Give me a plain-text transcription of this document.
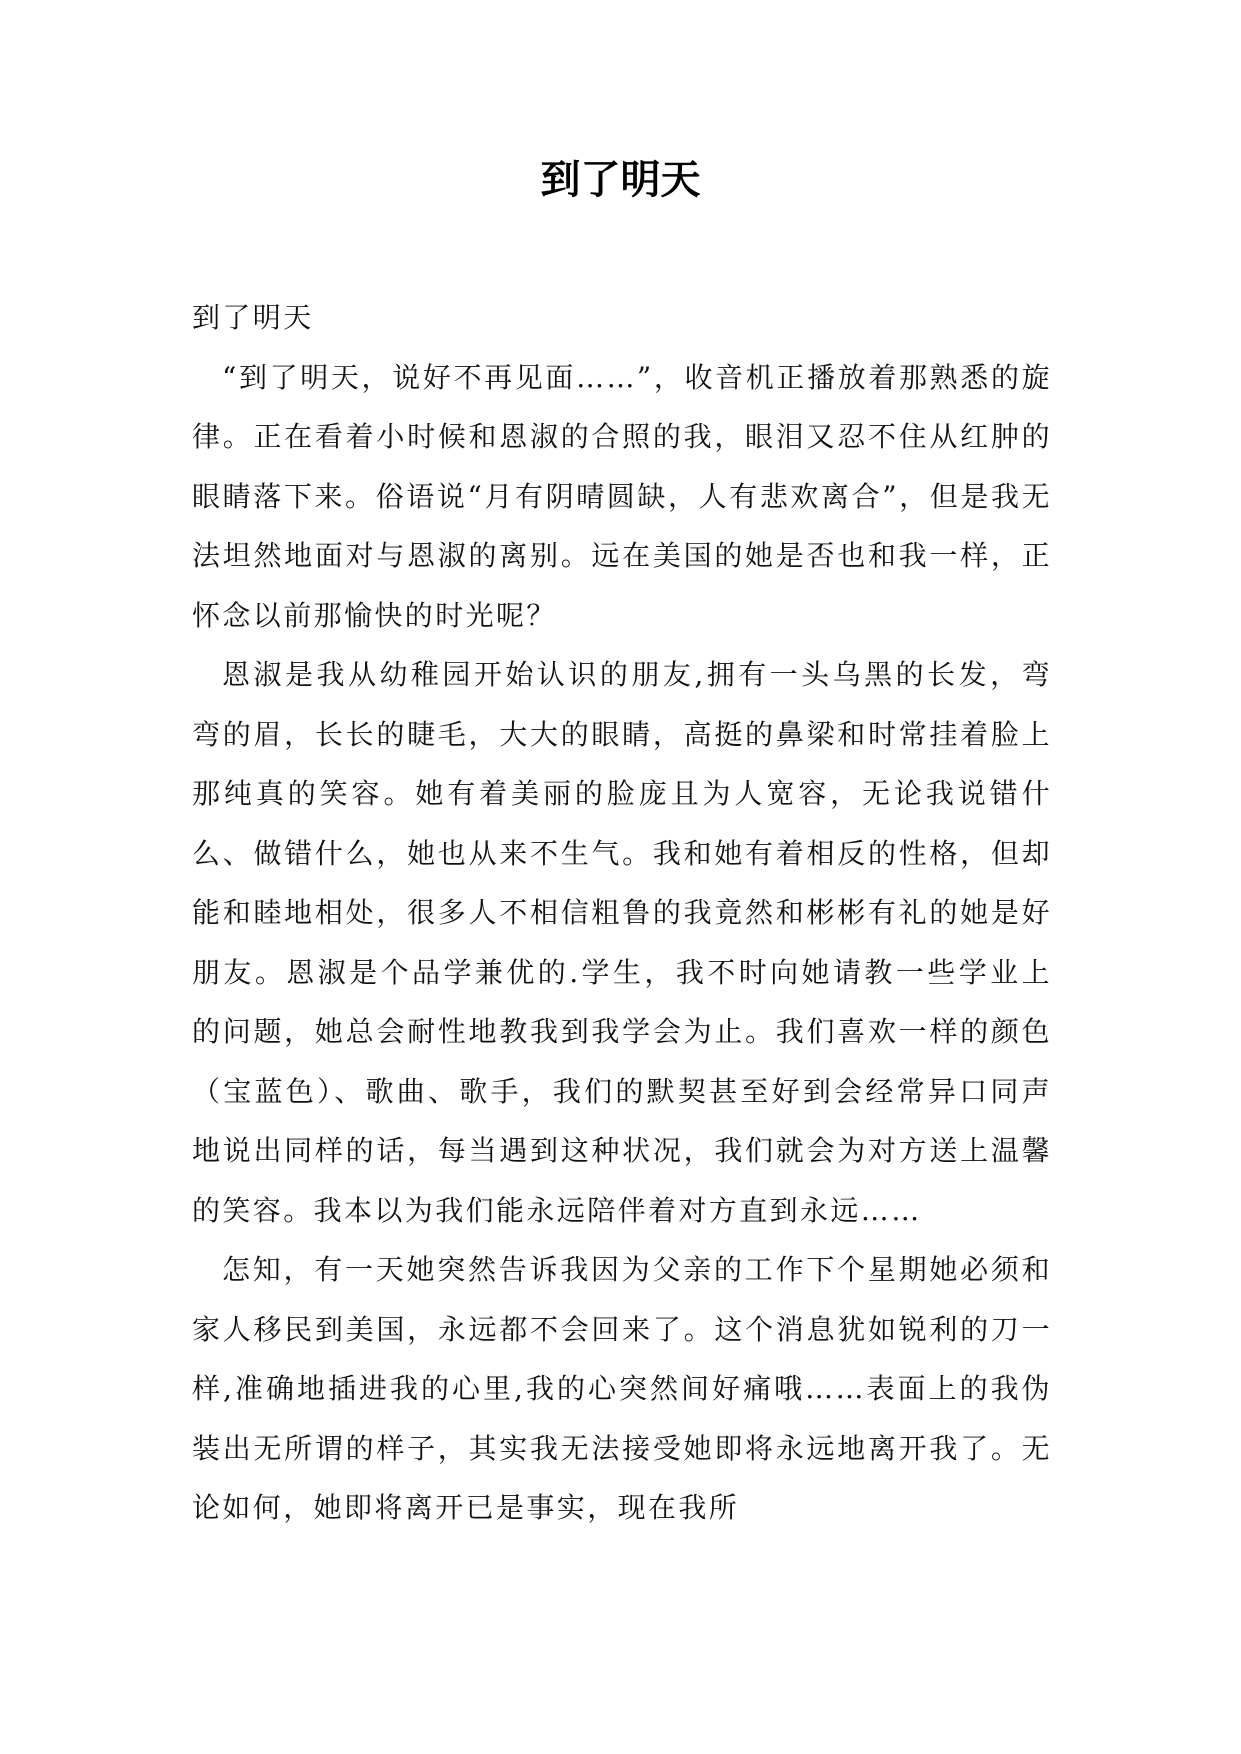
到了明天

到了明天

“到了明天，说好不再见面……”，收音机正播放着那熟悉的旋律。正在看着小时候和恩淑的合照的我，眼泪又忍不住从红肿的眼睛落下来。俗语说“月有阴晴圆缺，人有悲欢离合”，但是我无法坦然地面对与恩淑的离别。远在美国的她是否也和我一样，正怀念以前那愉快的时光呢？

恩淑是我从幼稚园开始认识的朋友,拥有一头乌黑的长发，弯弯的眉，长长的睫毛，大大的眼睛，高挺的鼻梁和时常挂着脸上那纯真的笑容。她有着美丽的脸庞且为人宽容，无论我说错什么、做错什么，她也从来不生气。我和她有着相反的性格，但却能和睦地相处，很多人不相信粗鲁的我竟然和彬彬有礼的她是好朋友。恩淑是个品学兼优的.学生，我不时向她请教一些学业上的问题，她总会耐性地教我到我学会为止。我们喜欢一样的颜色（宝蓝色）、歌曲、歌手，我们的默契甚至好到会经常异口同声地说出同样的话，每当遇到这种状况，我们就会为对方送上温馨的笑容。我本以为我们能永远陪伴着对方直到永远……

怎知，有一天她突然告诉我因为父亲的工作下个星期她必须和家人移民到美国，永远都不会回来了。这个消息犹如锐利的刀一样,准确地插进我的心里,我的心突然间好痛哦……表面上的我伪装出无所谓的样子，其实我无法接受她即将永远地离开我了。无论如何，她即将离开已是事实，现在我所
